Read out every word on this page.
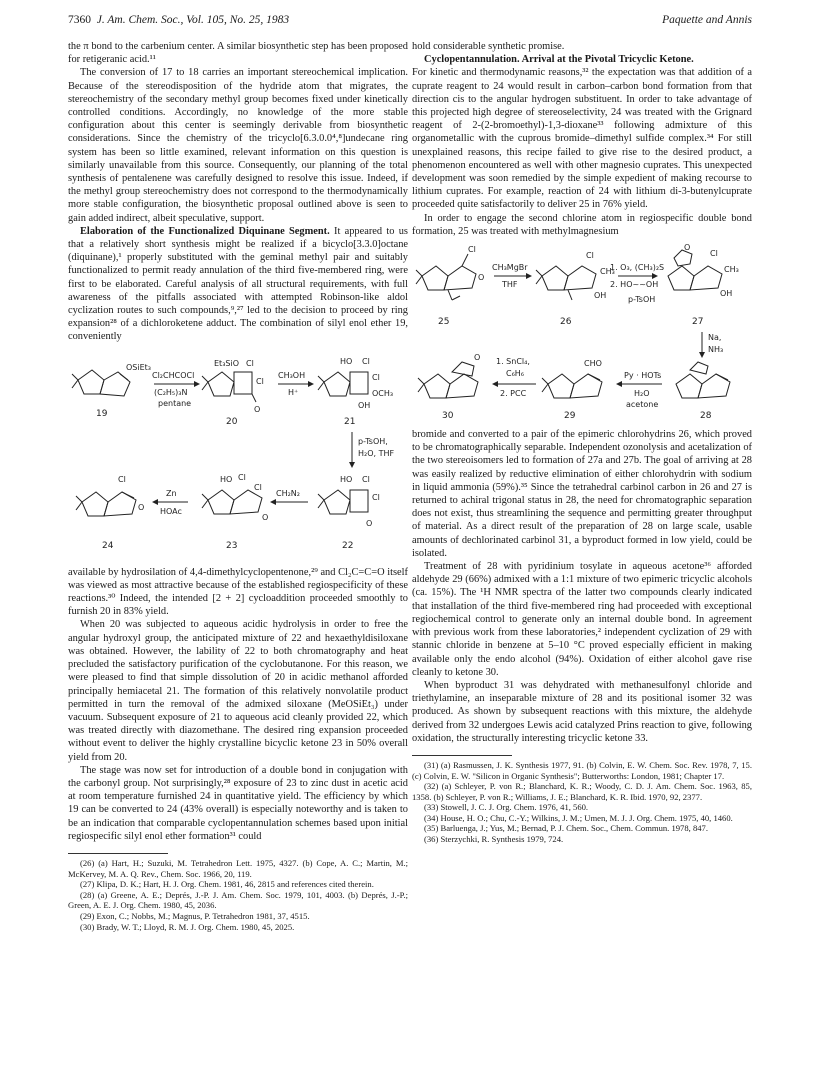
7360 J. Am. Chem. Soc., Vol. 105, No. 25, 1983	Paquette and Annis

the π bond to the carbenium center. A similar biosynthetic step has been proposed for retigeranic acid.¹¹

The conversion of 17 to 18 carries an important stereochemical implication. Because of the stereodisposition of the hydride atom that migrates, the stereochemistry of the secondary methyl group becomes fixed under kinetically controlled conditions. Accordingly, no knowledge of the more stable configuration about this center is seemingly derivable from biosynthetic considerations. Since the chemistry of the tricyclo[6.3.0.0⁴,⁸]undecane ring system has been so little examined, relevant information on this question is similarly unavailable from this source. Consequently, our planning of the total synthesis of pentalenene was carefully designed to resolve this issue. Indeed, if the methyl group stereochemistry does not correspond to the thermodynamically more stable configuration, the biosynthetic proposal outlined above is seen to gain added indirect, albeit speculative, support.

Elaboration of the Functionalized Diquinane Segment. It appeared to us that a relatively short synthesis might be realized if a bicyclo[3.3.0]octane (diquinane),¹ properly substituted with the geminal methyl pair and suitably functionalized to permit ready annulation of the third five-membered ring, were first to be elaborated. Careful analysis of all structural requirements, with full awareness of the pitfalls associated with attempted Robinson-like aldol cyclization routes to such compounds,⁹,²⁷ led to the decision to proceed by ring expansion²⁸ of a dichloroketene adduct. The combination of silyl enol ether 19, conveniently

OSiEt₃
19
Cl₂CHCOCl
(C₂H₅)₃N
pentane
Et₃SiO Cl
Cl
O
20
CH₃OH
H⁺
HO Cl
Cl
OCH₃
OH
21
p-TsOH,
H₂O, THF
HO Cl
Cl
O
22
CH₂N₂
HO Cl
Cl
O
23
Zn
HOAc
Cl
O
24

available by hydrosilation of 4,4-dimethylcyclopentenone,²⁹ and Cl₂C=C=O itself was viewed as most attractive because of the established regiospecificity of these reactions.³⁰ Indeed, the intended [2 + 2] cycloaddition proceeded smoothly to furnish 20 in 83% yield.

When 20 was subjected to aqueous acidic hydrolysis in order to free the angular hydroxyl group, the anticipated mixture of 22 and hexaethyldisiloxane was obtained. However, the lability of 22 to both chromatography and heat precluded the satisfactory purification of the cyclobutanone. For this reason, we were pleased to find that simple dissolution of 20 in acidic methanol afforded principally hemiacetal 21. The formation of this relatively nonvolatile product permitted in turn the removal of the admixed siloxane (MeOSiEt₃) under vacuum. Subsequent exposure of 21 to aqueous acid cleanly provided 22, which was treated directly with diazomethane. The desired ring expansion proceeded without event to deliver the highly crystalline bicyclic ketone 23 in 50% overall yield from 20.

The stage was now set for introduction of a double bond in conjugation with the carbonyl group. Not surprisingly,²⁸ exposure of 23 to zinc dust in acetic acid at room temperature furnished 24 in quantitative yield. The efficiency by which 19 can be converted to 24 (43% overall) is especially noteworthy and is taken to be an indication that comparable cyclopentannulation schemes based upon initial regiospecific silyl enol ether formation³¹ could

(26) (a) Hart, H.; Suzuki, M. Tetrahedron Lett. 1975, 4327. (b) Cope, A. C.; Martin, M.; McKervey, M. A. Q. Rev., Chem. Soc. 1966, 20, 119.

(27) Klipa, D. K.; Hart, H. J. Org. Chem. 1981, 46, 2815 and references cited therein.

(28) (a) Greene, A. E.; Deprés, J.-P. J. Am. Chem. Soc. 1979, 101, 4003. (b) Deprés, J.-P.; Green, A. E. J. Org. Chem. 1980, 45, 2036.

(29) Exon, C.; Nobbs, M.; Magnus, P. Tetrahedron 1981, 37, 4515.

(30) Brady, W. T.; Lloyd, R. M. J. Org. Chem. 1980, 45, 2025.

hold considerable synthetic promise.

Cyclopentannulation. Arrival at the Pivotal Tricyclic Ketone.

For kinetic and thermodynamic reasons,³² the expectation was that addition of a cuprate reagent to 24 would result in carbon–carbon bond formation from that direction cis to the angular hydrogen substituent. In order to take advantage of this projected high degree of stereoselectivity, 24 was treated with the Grignard reagent of 2-(2-bromoethyl)-1,3-dioxane³³ following admixture of this organometallic with the cuprous bromide–dimethyl sulfide complex.³⁴ For still unexplained reasons, this recipe failed to give rise to the desired product, a phenomenon encountered as well with other magnesio cuprates. This unexpected development was soon remedied by the simple expedient of making recourse to lithium cuprates. For example, reaction of 24 with lithium di-3-butenylcuprate proceeded quite satisfactorily to deliver 25 in 76% yield.

In order to engage the second chlorine atom in regiospecific double bond formation, 25 was treated with methylmagnesium

Cl
O
25
CH₃MgBr
THF
Cl
CH₃
OH
26
1. O₃, (CH₃)₂S
2. HO~~OH
p-TsOH
O
Cl
CH₃
OH
27
Na,
NH₃
28
Py · HOTs
H₂O
acetone
CHO
29
1. SnCl₄,
C₆H₆
2. PCC
O
30

bromide and converted to a pair of the epimeric chlorohydrins 26, which proved to be chromatographically separable. Independent ozonolysis and acetalization of the two stereoisomers led to formation of 27a and 27b. The goal of arriving at 28 was easily realized by reductive elimination of either chlorohydrin with sodium in liquid ammonia (59%).³⁵ Since the tetrahedral carbinol carbon in 26 and 27 is returned to achiral trigonal status in 28, the need for chromatographic separation does not exist, thus streamlining the sequence and permitting greater throughput of material. As a direct result of the preparation of 28 on large scale, usable amounts of dechlorinated carbinol 31, a byproduct formed in low yield, could be isolated.

Treatment of 28 with pyridinium tosylate in aqueous acetone³⁶ afforded aldehyde 29 (66%) admixed with a 1:1 mixture of two epimeric tricyclic alcohols (ca. 15%). The ¹H NMR spectra of the latter two compounds clearly indicated that installation of the third five-membered ring had proceeded with exceptional regiochemical control to generate only an internal double bond. In agreement with previous work from these laboratories,² independent cyclization of 29 with stannic chloride in benzene at 5–10 °C proved especially efficient in making available only the endo alcohol (94%). Oxidation of either alcohol gave rise cleanly to ketone 30.

When byproduct 31 was dehydrated with methanesulfonyl chloride and triethylamine, an inseparable mixture of 28 and its positional isomer 32 was produced. As shown by subsequent reactions with this mixture, the aldehyde derived from 32 undergoes Lewis acid catalyzed Prins reaction to give, following oxidation, the structurally interesting tricyclic ketone 33.

(31) (a) Rasmussen, J. K. Synthesis 1977, 91. (b) Colvin, E. W. Chem. Soc. Rev. 1978, 7, 15. (c) Colvin, E. W. "Silicon in Organic Synthesis"; Butterworths: London, 1981; Chapter 17.

(32) (a) Schleyer, P. von R.; Blanchard, K. R.; Woody, C. D. J. Am. Chem. Soc. 1963, 85, 1358. (b) Schleyer, P. von R.; Williams, J. E.; Blanchard, K. R. Ibid. 1970, 92, 2377.

(33) Stowell, J. C. J. Org. Chem. 1976, 41, 560.

(34) House, H. O.; Chu, C.-Y.; Wilkins, J. M.; Umen, M. J. J. Org. Chem. 1975, 40, 1460.

(35) Barluenga, J.; Yus, M.; Bernad, P. J. Chem. Soc., Chem. Commun. 1978, 847.

(36) Sterzychki, R. Synthesis 1979, 724.
